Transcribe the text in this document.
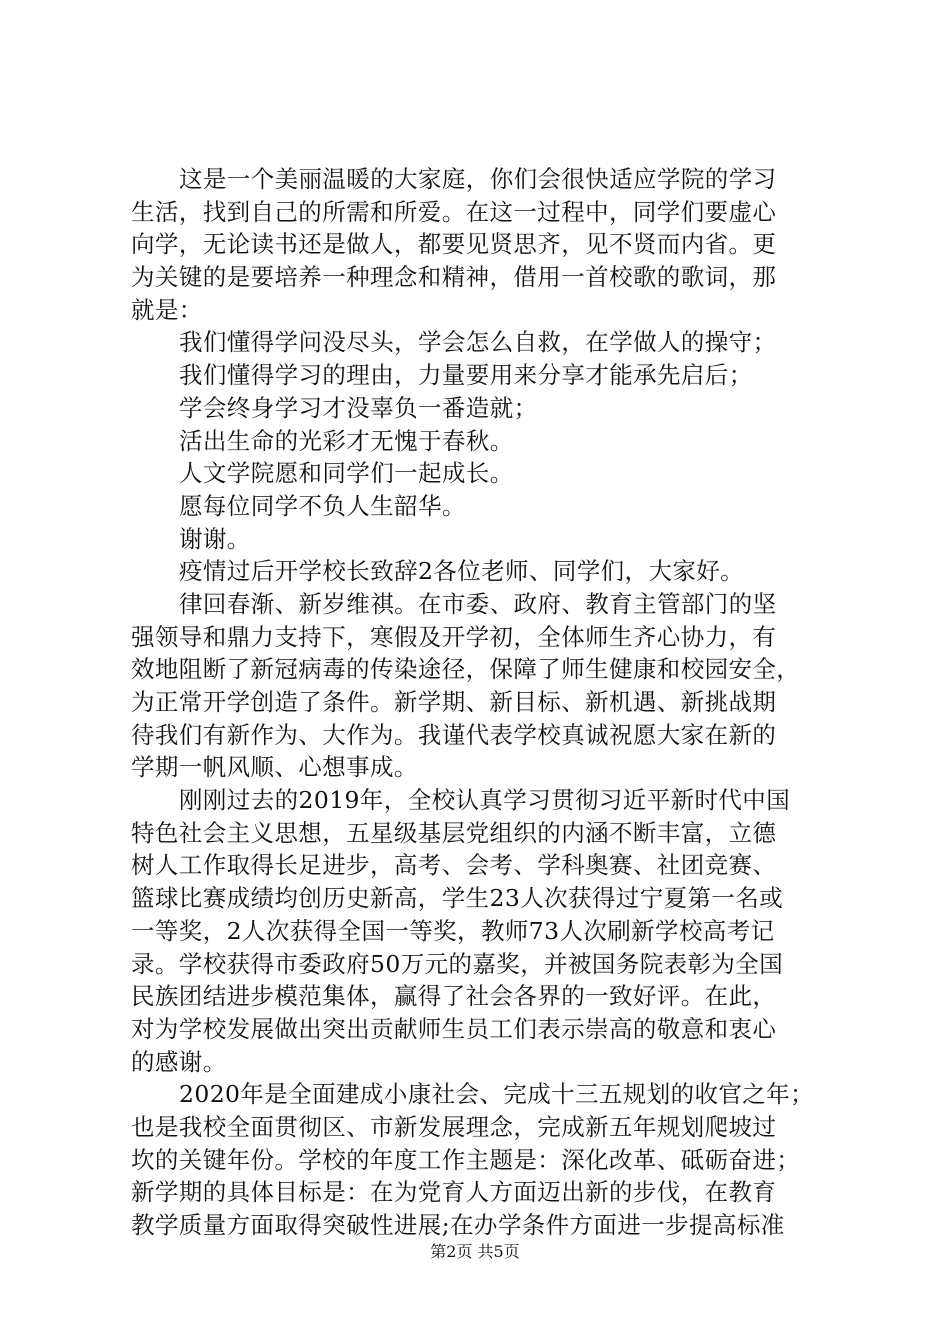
这是一个美丽温暖的大家庭，你们会很快适应学院的学习
生活，找到自己的所需和所爱。在这一过程中，同学们要虚心
向学，无论读书还是做人，都要见贤思齐，见不贤而内省。更
为关键的是要培养一种理念和精神，借用一首校歌的歌词，那
就是：
我们懂得学问没尽头，学会怎么自救，在学做人的操守；
我们懂得学习的理由，力量要用来分享才能承先启后；
学会终身学习才没辜负一番造就；
活出生命的光彩才无愧于春秋。
人文学院愿和同学们一起成长。
愿每位同学不负人生韶华。
谢谢。
疫情过后开学校长致辞2各位老师、同学们，大家好。
律回春渐、新岁维祺。在市委、政府、教育主管部门的坚
强领导和鼎力支持下，寒假及开学初，全体师生齐心协力，有
效地阻断了新冠病毒的传染途径，保障了师生健康和校园安全，
为正常开学创造了条件。新学期、新目标、新机遇、新挑战期
待我们有新作为、大作为。我谨代表学校真诚祝愿大家在新的
学期一帆风顺、心想事成。
刚刚过去的2019年，全校认真学习贯彻习近平新时代中国
特色社会主义思想，五星级基层党组织的内涵不断丰富，立德
树人工作取得长足进步，高考、会考、学科奥赛、社团竞赛、
篮球比赛成绩均创历史新高，学生23人次获得过宁夏第一名或
一等奖，2人次获得全国一等奖，教师73人次刷新学校高考记
录。学校获得市委政府50万元的嘉奖，并被国务院表彰为全国
民族团结进步模范集体，赢得了社会各界的一致好评。在此，
对为学校发展做出突出贡献师生员工们表示崇高的敬意和衷心
的感谢。
2020年是全面建成小康社会、完成十三五规划的收官之年；
也是我校全面贯彻区、市新发展理念，完成新五年规划爬坡过
坎的关键年份。学校的年度工作主题是：深化改革、砥砺奋进；
新学期的具体目标是：在为党育人方面迈出新的步伐，在教育
教学质量方面取得突破性进展;在办学条件方面进一步提高标准
第2页 共5页
